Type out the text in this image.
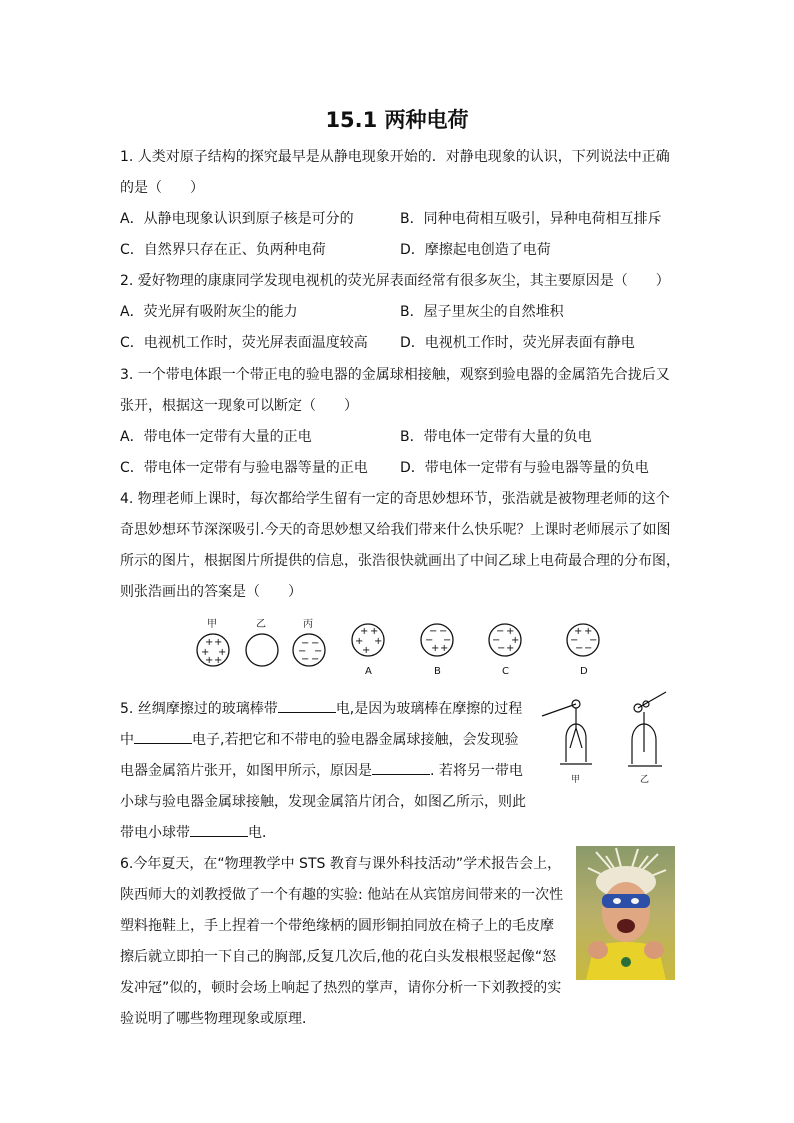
15.1 两种电荷
1. 人类对原子结构的探究最早是从静电现象开始的．对静电现象的认识，下列说法中正确
的是（　　）
A．从静电现象认识到原子核是可分的	B．同种电荷相互吸引，异种电荷相互排斥
C．自然界只存在正、负两种电荷	D．摩擦起电创造了电荷
2. 爱好物理的康康同学发现电视机的荧光屏表面经常有很多灰尘，其主要原因是（　　）
A．荧光屏有吸附灰尘的能力	B．屋子里灰尘的自然堆积
C．电视机工作时，荧光屏表面温度较高 D．电视机工作时，荧光屏表面有静电
3. 一个带电体跟一个带正电的验电器的金属球相接触，观察到验电器的金属箔先合拢后又
张开，根据这一现象可以断定（　　）
A．带电体一定带有大量的正电	B．带电体一定带有大量的负电
C．带电体一定带有与验电器等量的正电 D．带电体一定带有与验电器等量的负电
4. 物理老师上课时，每次都给学生留有一定的奇思妙想环节，张浩就是被物理老师的这个
奇思妙想环节深深吸引.今天的奇思妙想又给我们带来什么快乐呢？上课时老师展示了如图
所示的图片，根据图片所提供的信息，张浩很快就画出了中间乙球上电荷最合理的分布图，
则张浩画出的答案是（　　）
甲
+ +
+ +
+ +
乙	丙
− −
− −
− −
+ +
+ +
+
A
− −
− −
+ +
B
− +
− +
− +
C
+ +
− −
− −
D
5. 丝绸摩擦过的玻璃棒带	电,是因为玻璃棒在摩擦的过程
中	电子,若把它和不带电的验电器金属球接触，会发现验
电器金属箔片张开，如图甲所示，原因是	. 若将另一带电
小球与验电器金属球接触，发现金属箔片闭合，如图乙所示，则此
带电小球带	电．
甲	乙
6.今年夏天，在“物理教学中 STS 教育与课外科技活动”学术报告会上，
陕西师大的刘教授做了一个有趣的实验: 他站在从宾馆房间带来的一次性
塑料拖鞋上，手上捏着一个带绝缘柄的圆形铜拍同放在椅子上的毛皮摩
擦后就立即拍一下自己的胸部,反复几次后,他的花白头发根根竖起像“怒
发冲冠”似的，顿时会场上响起了热烈的掌声，请你分析一下刘教授的实
验说明了哪些物理现象或原理．
